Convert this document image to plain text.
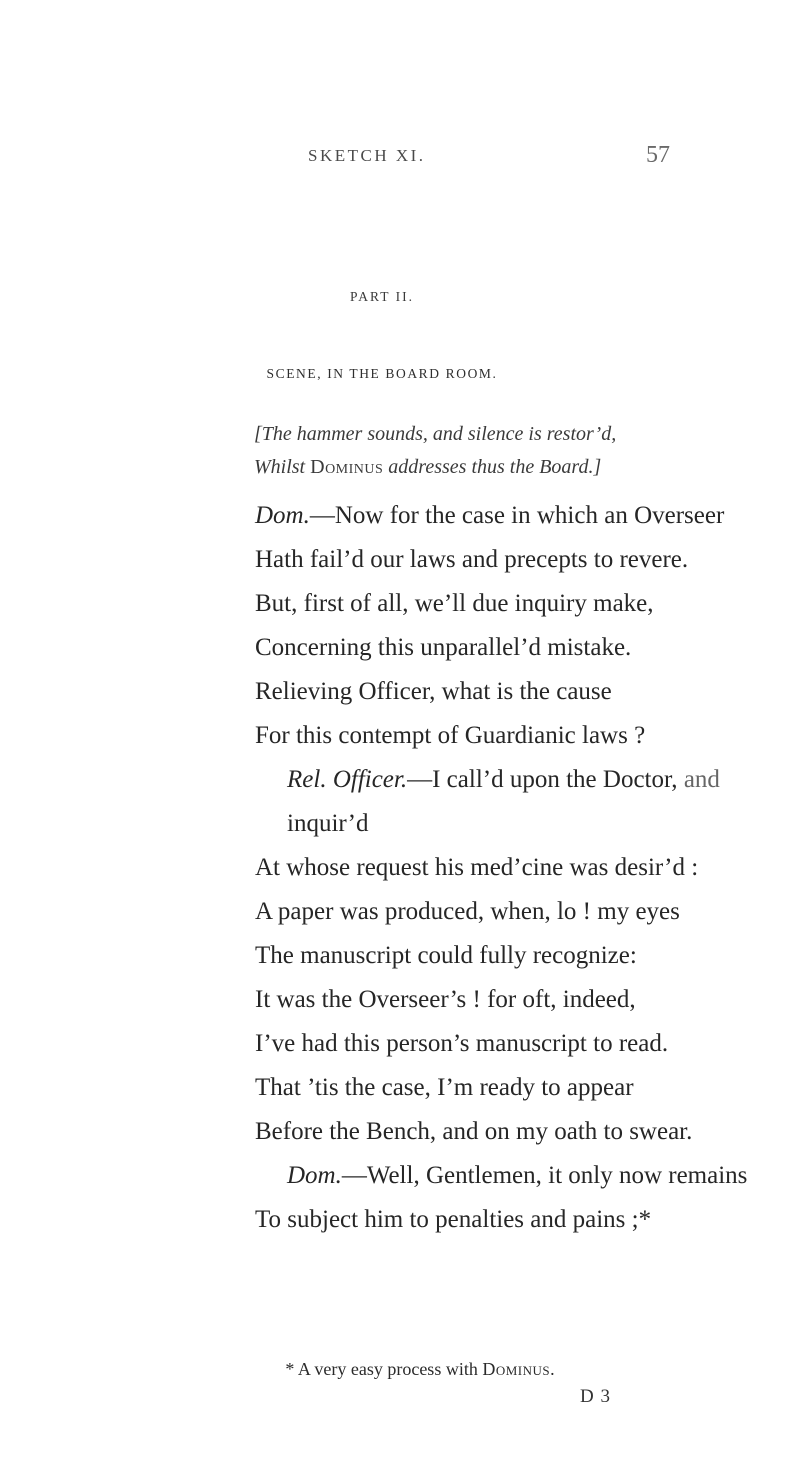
SKETCH XI.	57
PART II.
SCENE, IN THE BOARD ROOM.
[The hammer sounds, and silence is restor’d,
Whilst Dominus addresses thus the Board.]
Dom.—Now for the case in which an Overseer
Hath fail’d our laws and precepts to revere.
But, first of all, we’ll due inquiry make,
Concerning this unparallel’d mistake.
Relieving Officer, what is the cause
For this contempt of Guardianic laws ?
Rel. Officer.—I call’d upon the Doctor, and
inquir’d
At whose request his med’cine was desir’d :
A paper was produced, when, lo ! my eyes
The manuscript could fully recognize:
It was the Overseer’s ! for oft, indeed,
I’ve had this person’s manuscript to read.
That ’tis the case, I’m ready to appear
Before the Bench, and on my oath to swear.
Dom.—Well, Gentlemen, it only now remains
To subject him to penalties and pains ;*
* A very easy process with Dominus.
D 3
